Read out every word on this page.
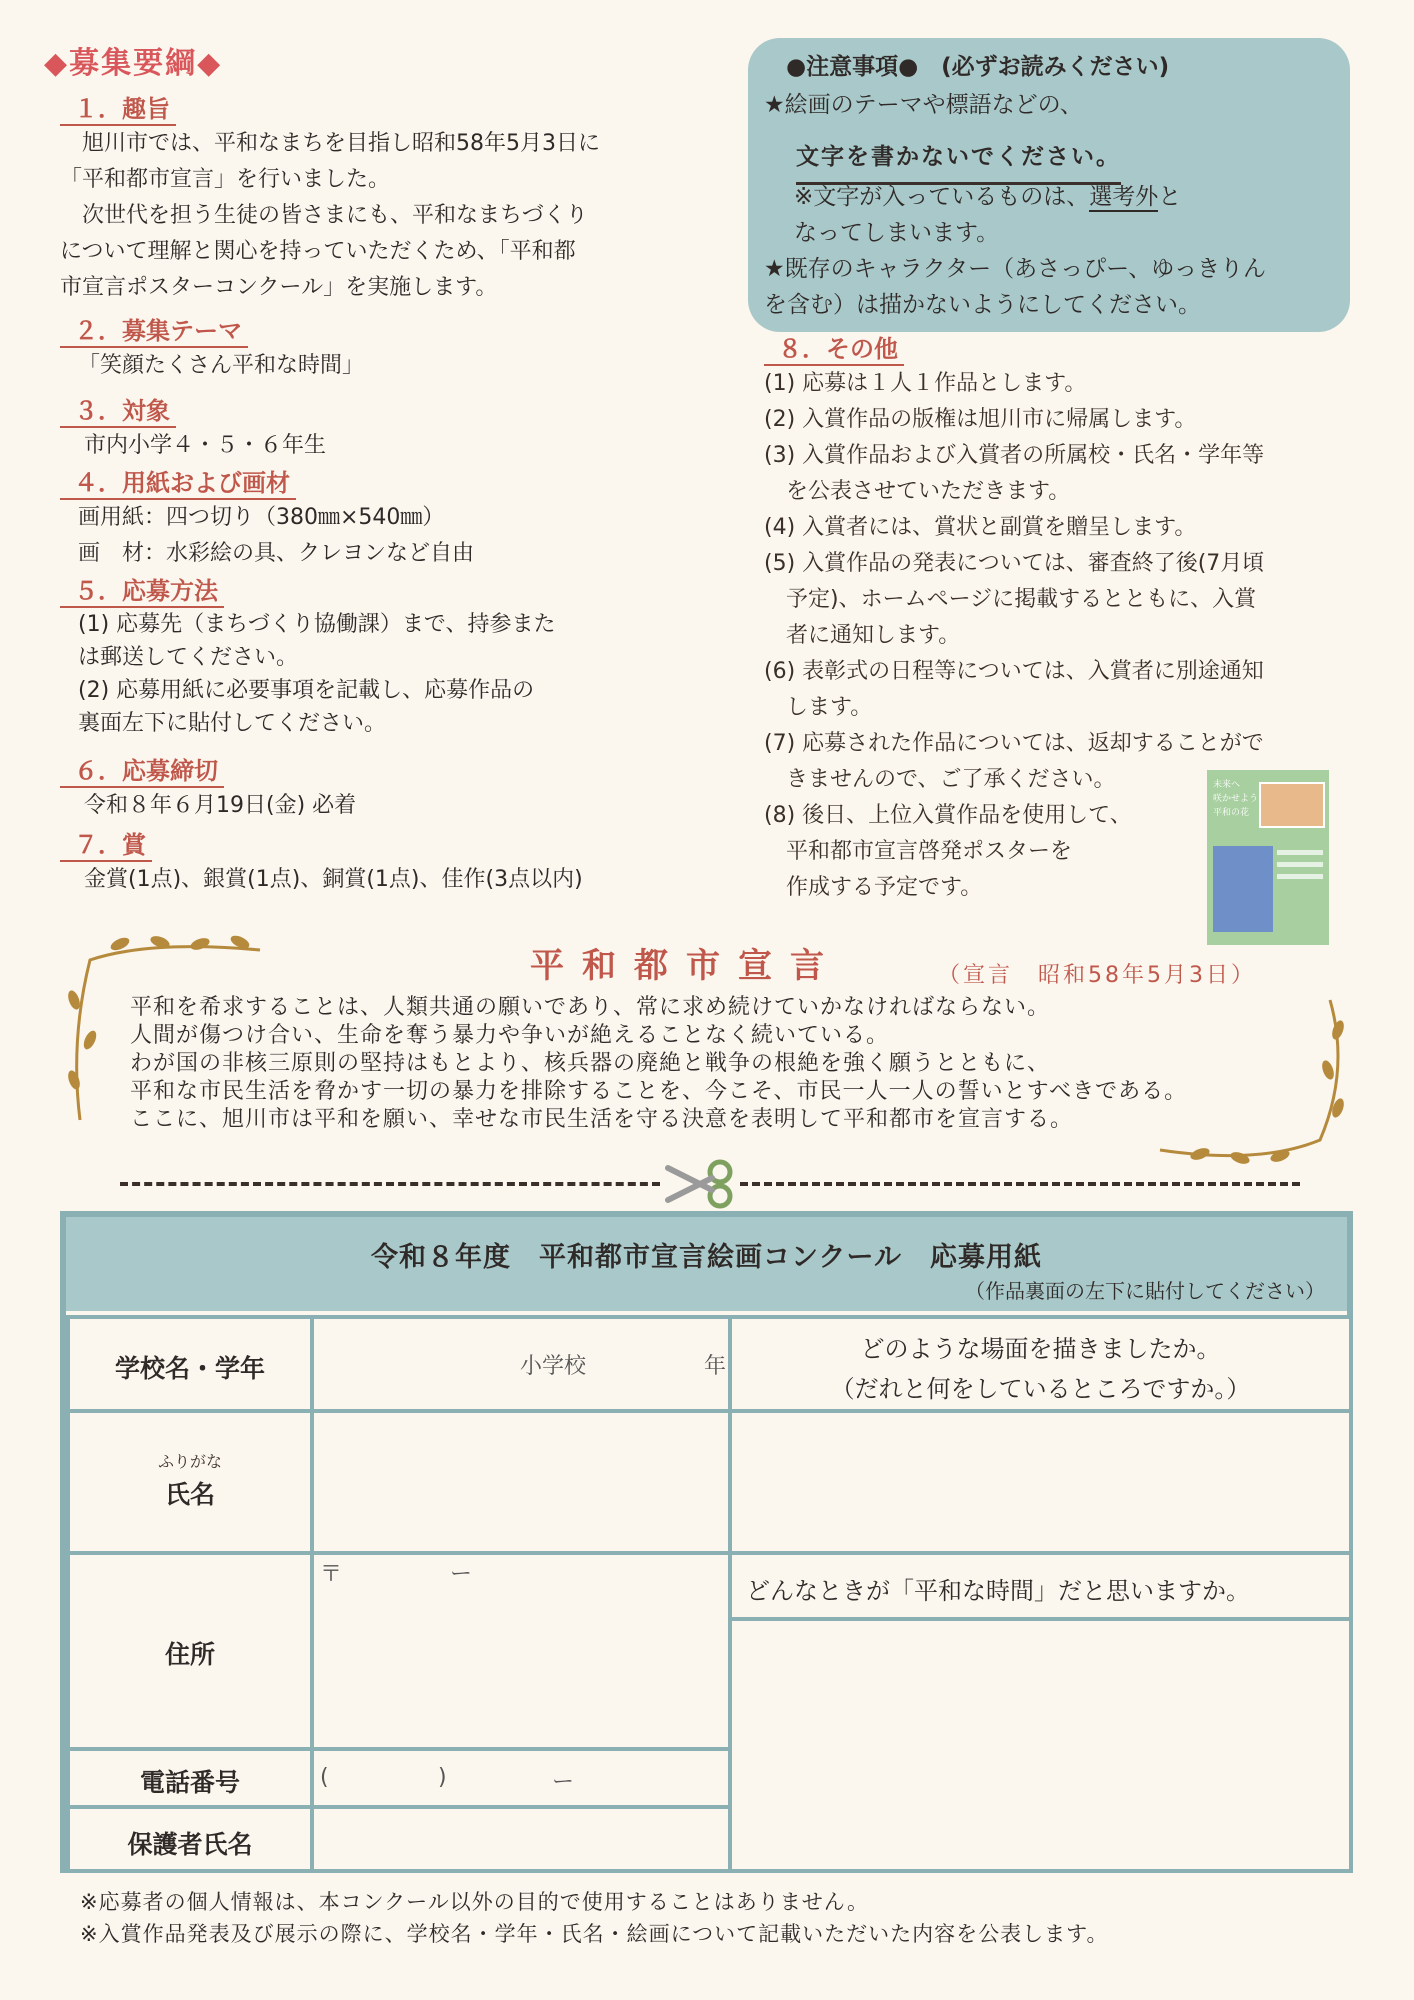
◆募集要綱◆
１．趣旨
　旭川市では、平和なまちを目指し昭和58年5月3日に
「平和都市宣言」を行いました。
　次世代を担う生徒の皆さまにも、平和なまちづくり
について理解と関心を持っていただくため、「平和都
市宣言ポスターコンクール」を実施します。
２．募集テーマ
「笑顔たくさん平和な時間」
３．対象
市内小学４・５・６年生
４．用紙および画材
画用紙：四つ切り（380㎜×540㎜）
画　材：水彩絵の具、クレヨンなど自由
５．応募方法
(1) 応募先（まちづくり協働課）まで、持参また
は郵送してください。
(2) 応募用紙に必要事項を記載し、応募作品の
裏面左下に貼付してください。
６．応募締切
令和８年６月19日(金) 必着
７．賞
金賞(1点)、銀賞(1点)、銅賞(1点)、佳作(3点以内)
●注意事項●　(必ずお読みください)
★絵画のテーマや標語などの、
文字を書かないでください。
※文字が入っているものは、選考外と
なってしまいます。
★既存のキャラクター（あさっぴー、ゆっきりん
を含む）は描かないようにしてください。
８．その他
(1) 応募は１人１作品とします。
(2) 入賞作品の版権は旭川市に帰属します。
(3) 入賞作品および入賞者の所属校・氏名・学年等
　を公表させていただきます。
(4) 入賞者には、賞状と副賞を贈呈します。
(5) 入賞作品の発表については、審査終了後(7月頃
　予定)、ホームページに掲載するとともに、入賞
　者に通知します。
(6) 表彰式の日程等については、入賞者に別途通知
　します。
(7) 応募された作品については、返却することがで
　きませんので、ご了承ください。
(8) 後日、上位入賞作品を使用して、
　平和都市宣言啓発ポスターを
　作成する予定です。
未来へ
咲かせよう
平和の花
平和都市宣言	（宣言　昭和58年5月3日）
平和を希求することは、人類共通の願いであり、常に求め続けていかなければならない。
人間が傷つけ合い、生命を奪う暴力や争いが絶えることなく続いている。
わが国の非核三原則の堅持はもとより、核兵器の廃絶と戦争の根絶を強く願うとともに、
平和な市民生活を脅かす一切の暴力を排除することを、今こそ、市民一人一人の誓いとすべきである。
ここに、旭川市は平和を願い、幸せな市民生活を守る決意を表明して平和都市を宣言する。
令和８年度　平和都市宣言絵画コンクール　応募用紙
（作品裏面の左下に貼付してください）
学校名・学年	小学校	年
どのような場面を描きましたか。
（だれと何をしているところですか。）
ふりがな
氏名
住所
〒	ー
どんなときが「平和な時間」だと思いますか。
電話番号	(	)	ー
保護者氏名
※応募者の個人情報は、本コンクール以外の目的で使用することはありません。
※入賞作品発表及び展示の際に、学校名・学年・氏名・絵画について記載いただいた内容を公表します。
